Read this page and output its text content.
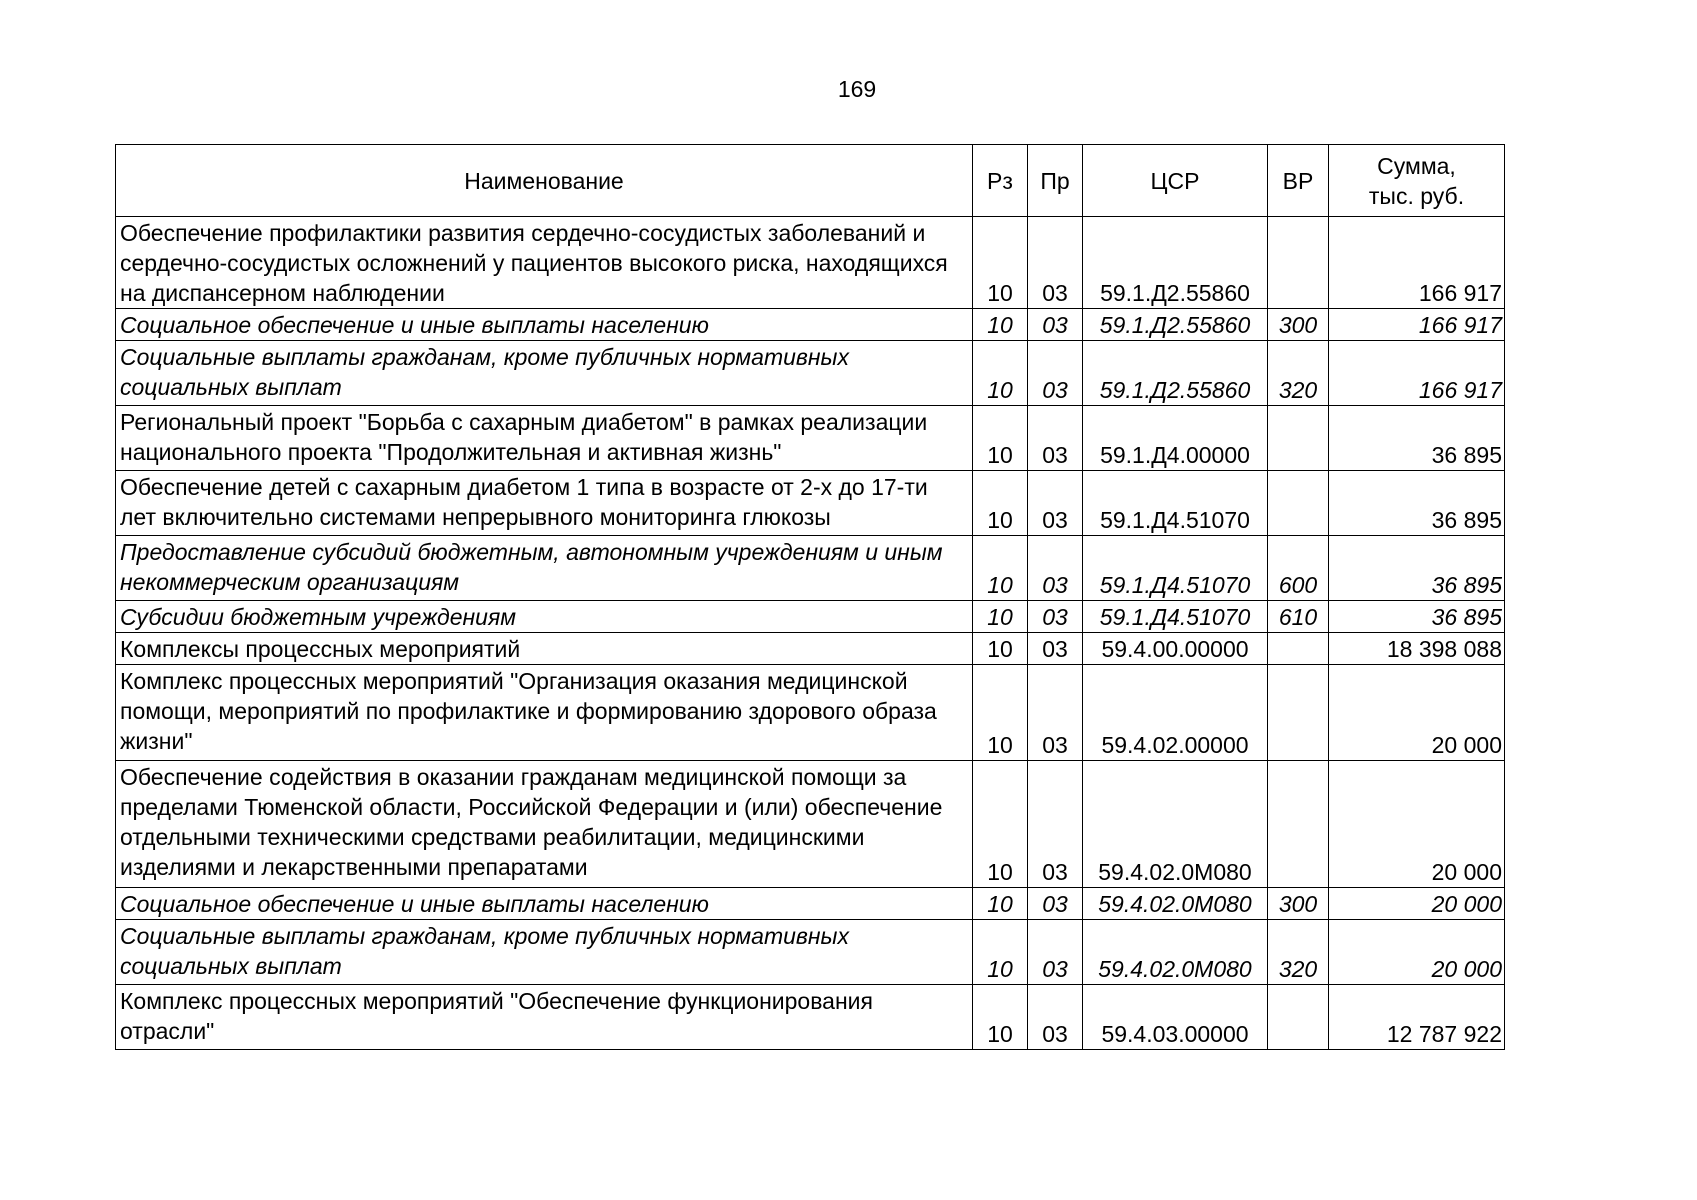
169
Наименование	Рз	Пр	ЦСР	ВР	Сумма,
тыс. руб.
Обеспечение профилактики развития сердечно-сосудистых заболеваний и сердечно-сосудистых осложнений у пациентов высокого риска, находящихся на диспансерном наблюдении	10	03	59.1.Д2.55860		166 917
Социальное обеспечение и иные выплаты населению	10	03	59.1.Д2.55860	300	166 917
Социальные выплаты гражданам, кроме публичных нормативных социальных выплат	10	03	59.1.Д2.55860	320	166 917
Региональный проект "Борьба с сахарным диабетом" в рамках реализации национального проекта "Продолжительная и активная жизнь"	10	03	59.1.Д4.00000		36 895
Обеспечение детей с сахарным диабетом 1 типа в возрасте от 2-х до 17-ти лет включительно системами непрерывного мониторинга глюкозы	10	03	59.1.Д4.51070		36 895
Предоставление субсидий бюджетным, автономным учреждениям и иным некоммерческим организациям	10	03	59.1.Д4.51070	600	36 895
Субсидии бюджетным учреждениям	10	03	59.1.Д4.51070	610	36 895
Комплексы процессных мероприятий	10	03	59.4.00.00000		18 398 088
Комплекс процессных мероприятий "Организация оказания медицинской помощи, мероприятий по профилактике и формированию здорового образа жизни"	10	03	59.4.02.00000		20 000
Обеспечение содействия в оказании гражданам медицинской помощи за пределами Тюменской области, Российской Федерации и (или) обеспечение отдельными техническими средствами реабилитации, медицинскими изделиями и лекарственными препаратами	10	03	59.4.02.0М080		20 000
Социальное обеспечение и иные выплаты населению	10	03	59.4.02.0М080	300	20 000
Социальные выплаты гражданам, кроме публичных нормативных социальных выплат	10	03	59.4.02.0М080	320	20 000
Комплекс процессных мероприятий "Обеспечение функционирования отрасли"	10	03	59.4.03.00000		12 787 922
